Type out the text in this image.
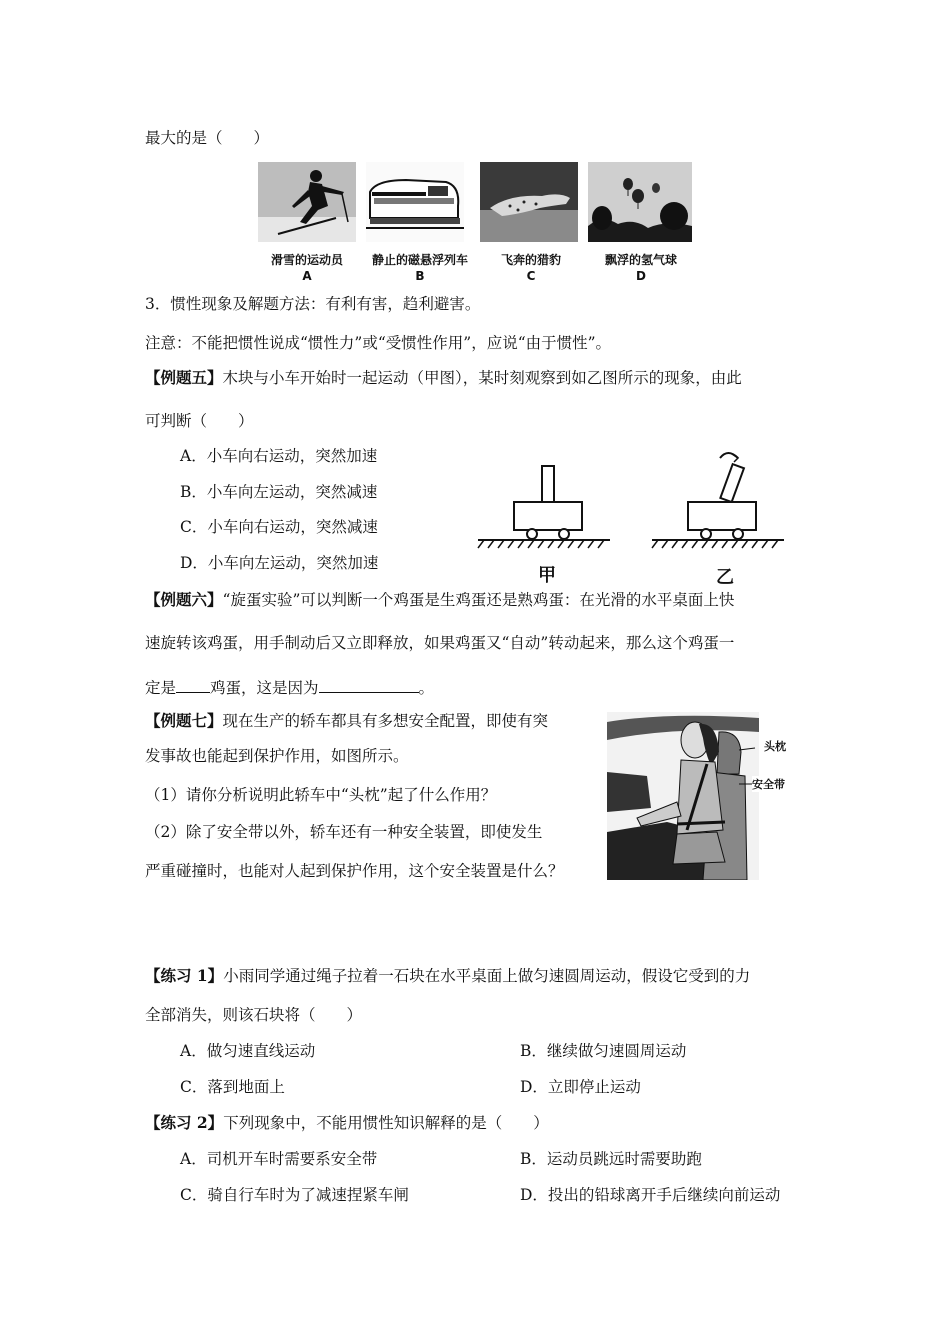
最大的是（　　）
滑雪的运动员
A
静止的磁悬浮列车
B
飞奔的猎豹
C
飘浮的氢气球
D
3．惯性现象及解题方法：有利有害，趋利避害。
注意：不能把惯性说成“惯性力”或“受惯性作用”，应说“由于惯性”。
【例题五】木块与小车开始时一起运动（甲图），某时刻观察到如乙图所示的现象，由此
可判断（　　）
A．小车向右运动，突然加速
B．小车向左运动，突然减速
C．小车向右运动，突然减速
D．小车向左运动，突然加速
甲	乙
【例题六】“旋蛋实验”可以判断一个鸡蛋是生鸡蛋还是熟鸡蛋：在光滑的水平桌面上快
速旋转该鸡蛋，用手制动后又立即释放，如果鸡蛋又“自动”转动起来，那么这个鸡蛋一
定是 鸡蛋，这是因为	。
【例题七】现在生产的轿车都具有多想安全配置，即使有突
发事故也能起到保护作用，如图所示。
（1）请你分析说明此轿车中“头枕”起了什么作用？
（2）除了安全带以外，轿车还有一种安全装置，即使发生
严重碰撞时，也能对人起到保护作用，这个安全装置是什么？
头枕
安全带
【练习 1】小雨同学通过绳子拉着一石块在水平桌面上做匀速圆周运动，假设它受到的力
全部消失，则该石块将（　　）
A．做匀速直线运动	B．继续做匀速圆周运动
C．落到地面上	D．立即停止运动
【练习 2】下列现象中，不能用惯性知识解释的是（　　）
A．司机开车时需要系安全带	B．运动员跳远时需要助跑
C．骑自行车时为了减速捏紧车闸	D．投出的铅球离开手后继续向前运动
